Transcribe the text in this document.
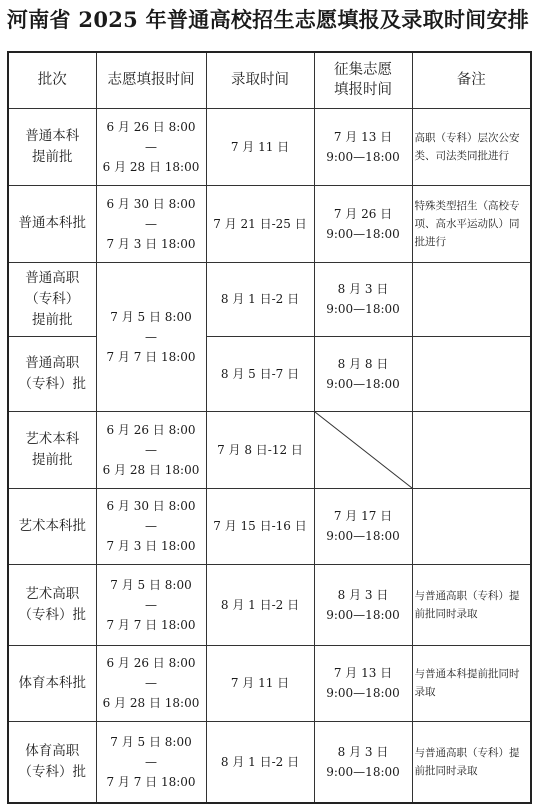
河南省 2025 年普通高校招生志愿填报及录取时间安排
批次	志愿填报时间	录取时间	征集志愿
填报时间	备注

普通本科
提前批	6 月 26 日 8:00
—
6 月 28 日 18:00	7 月 11 日	7 月 13 日
9:00—18:00	高职（专科）层次公安
类、司法类同批进行

普通本科批	6 月 30 日 8:00
—
7 月 3 日 18:00	7 月 21 日-25 日	7 月 26 日
9:00—18:00	特殊类型招生（高校专
项、高水平运动队）同
批进行

普通高职
（专科）
提前批	7 月 5 日 8:00
—
7 月 7 日 18:00	8 月 1 日-2 日	8 月 3 日
9:00—18:00	

普通高职
（专科）批		8 月 5 日-7 日	8 月 8 日
9:00—18:00	

艺术本科
提前批	6 月 26 日 8:00
—
6 月 28 日 18:00	7 月 8 日-12 日	

艺术本科批	6 月 30 日 8:00
—
7 月 3 日 18:00	7 月 15 日-16 日	7 月 17 日
9:00—18:00	

艺术高职
（专科）批	7 月 5 日 8:00
—
7 月 7 日 18:00	8 月 1 日-2 日	8 月 3 日
9:00—18:00	与普通高职（专科）提
前批同时录取

体育本科批	6 月 26 日 8:00
—
6 月 28 日 18:00	7 月 11 日	7 月 13 日
9:00—18:00	与普通本科提前批同时
录取

体育高职
（专科）批	7 月 5 日 8:00
—
7 月 7 日 18:00	8 月 1 日-2 日	8 月 3 日
9:00—18:00	与普通高职（专科）提
前批同时录取
